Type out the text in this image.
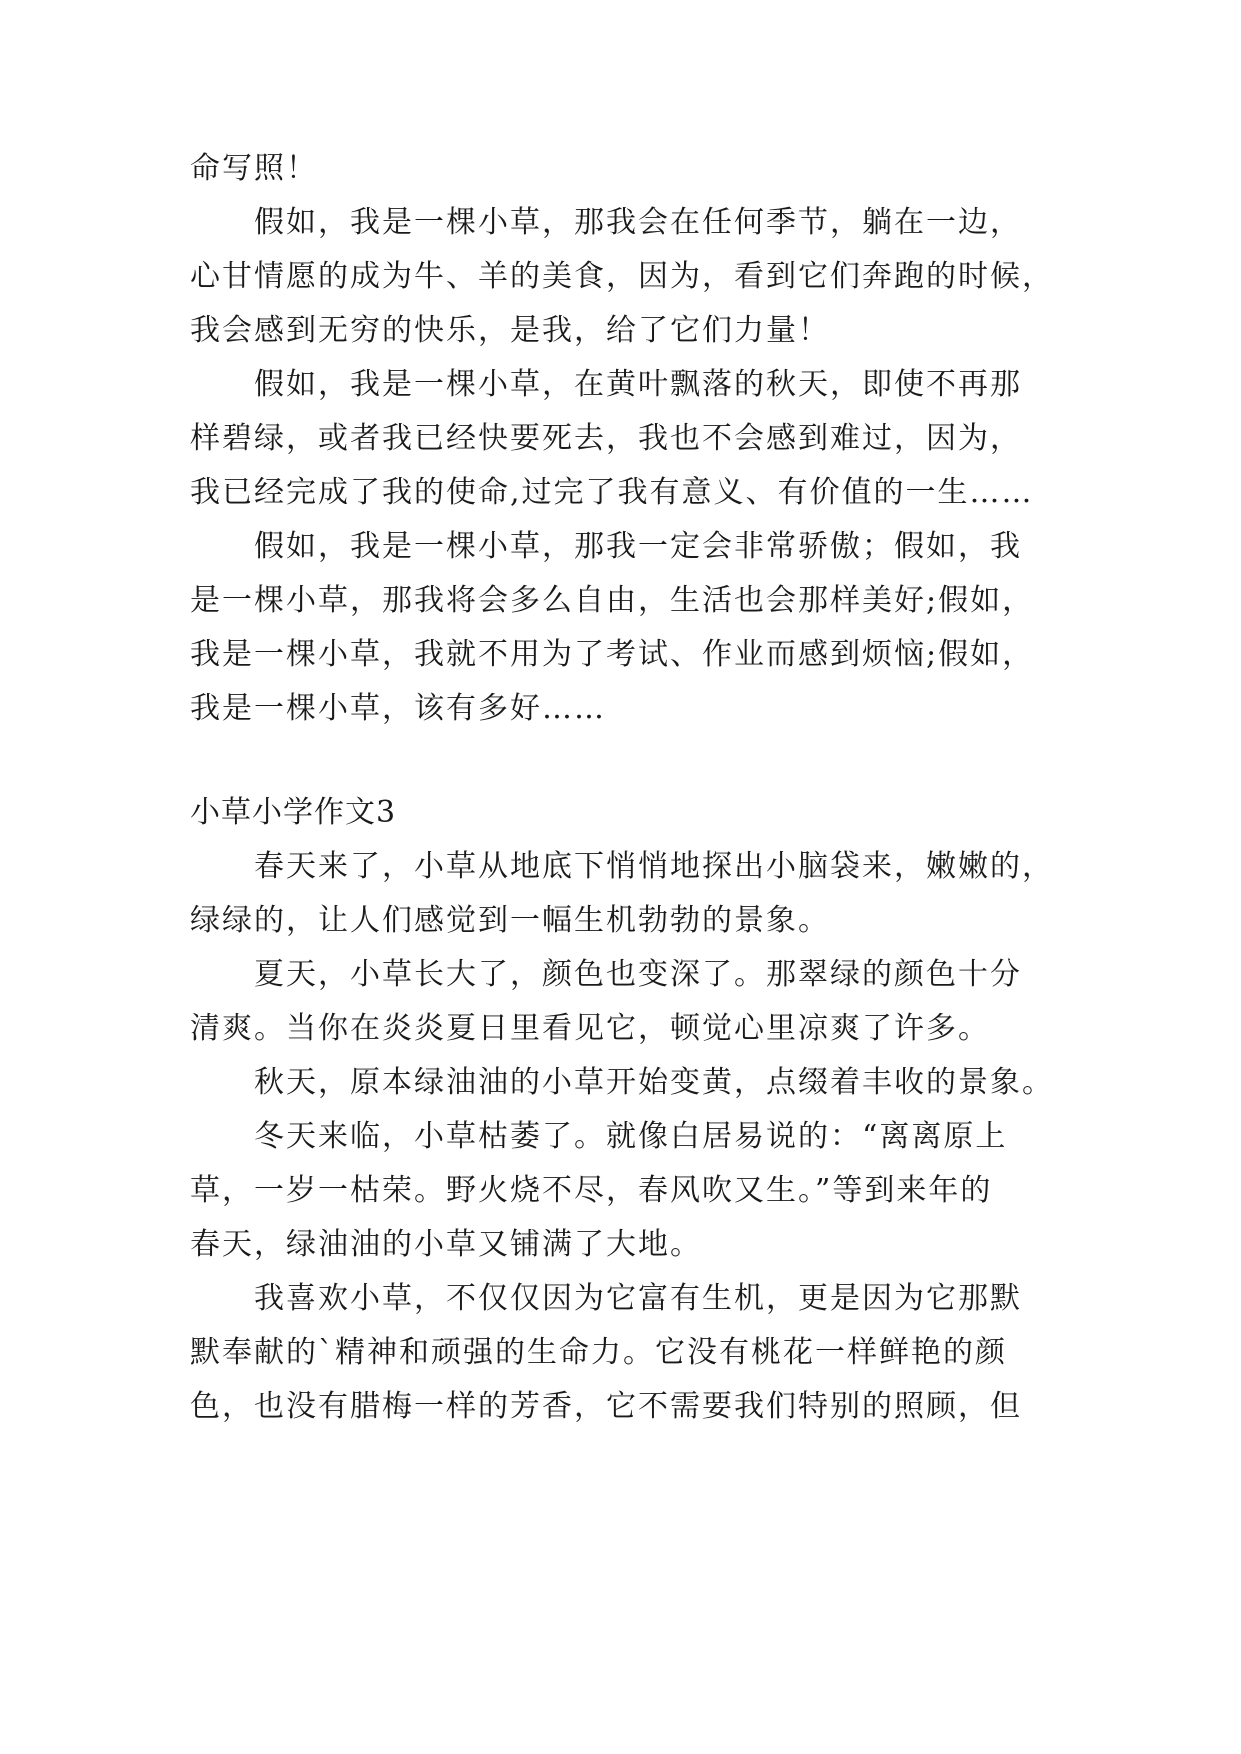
命写照！
假如，我是一棵小草，那我会在任何季节，躺在一边，
心甘情愿的成为牛、羊的美食，因为，看到它们奔跑的时候，
我会感到无穷的快乐，是我，给了它们力量！
假如，我是一棵小草，在黄叶飘落的秋天，即使不再那
样碧绿，或者我已经快要死去，我也不会感到难过，因为，
我已经完成了我的使命,过完了我有意义、有价值的一生……
假如，我是一棵小草，那我一定会非常骄傲；假如，我
是一棵小草，那我将会多么自由，生活也会那样美好;假如，
我是一棵小草，我就不用为了考试、作业而感到烦恼;假如，
我是一棵小草，该有多好……
小草小学作文3
春天来了，小草从地底下悄悄地探出小脑袋来，嫩嫩的，
绿绿的，让人们感觉到一幅生机勃勃的景象。
夏天，小草长大了，颜色也变深了。那翠绿的颜色十分
清爽。当你在炎炎夏日里看见它，顿觉心里凉爽了许多。
秋天，原本绿油油的小草开始变黄，点缀着丰收的景象。
冬天来临，小草枯萎了。就像白居易说的：“离离原上
草，一岁一枯荣。野火烧不尽，春风吹又生。”等到来年的
春天，绿油油的小草又铺满了大地。
我喜欢小草，不仅仅因为它富有生机，更是因为它那默
默奉献的`精神和顽强的生命力。它没有桃花一样鲜艳的颜
色，也没有腊梅一样的芳香，它不需要我们特别的照顾，但
